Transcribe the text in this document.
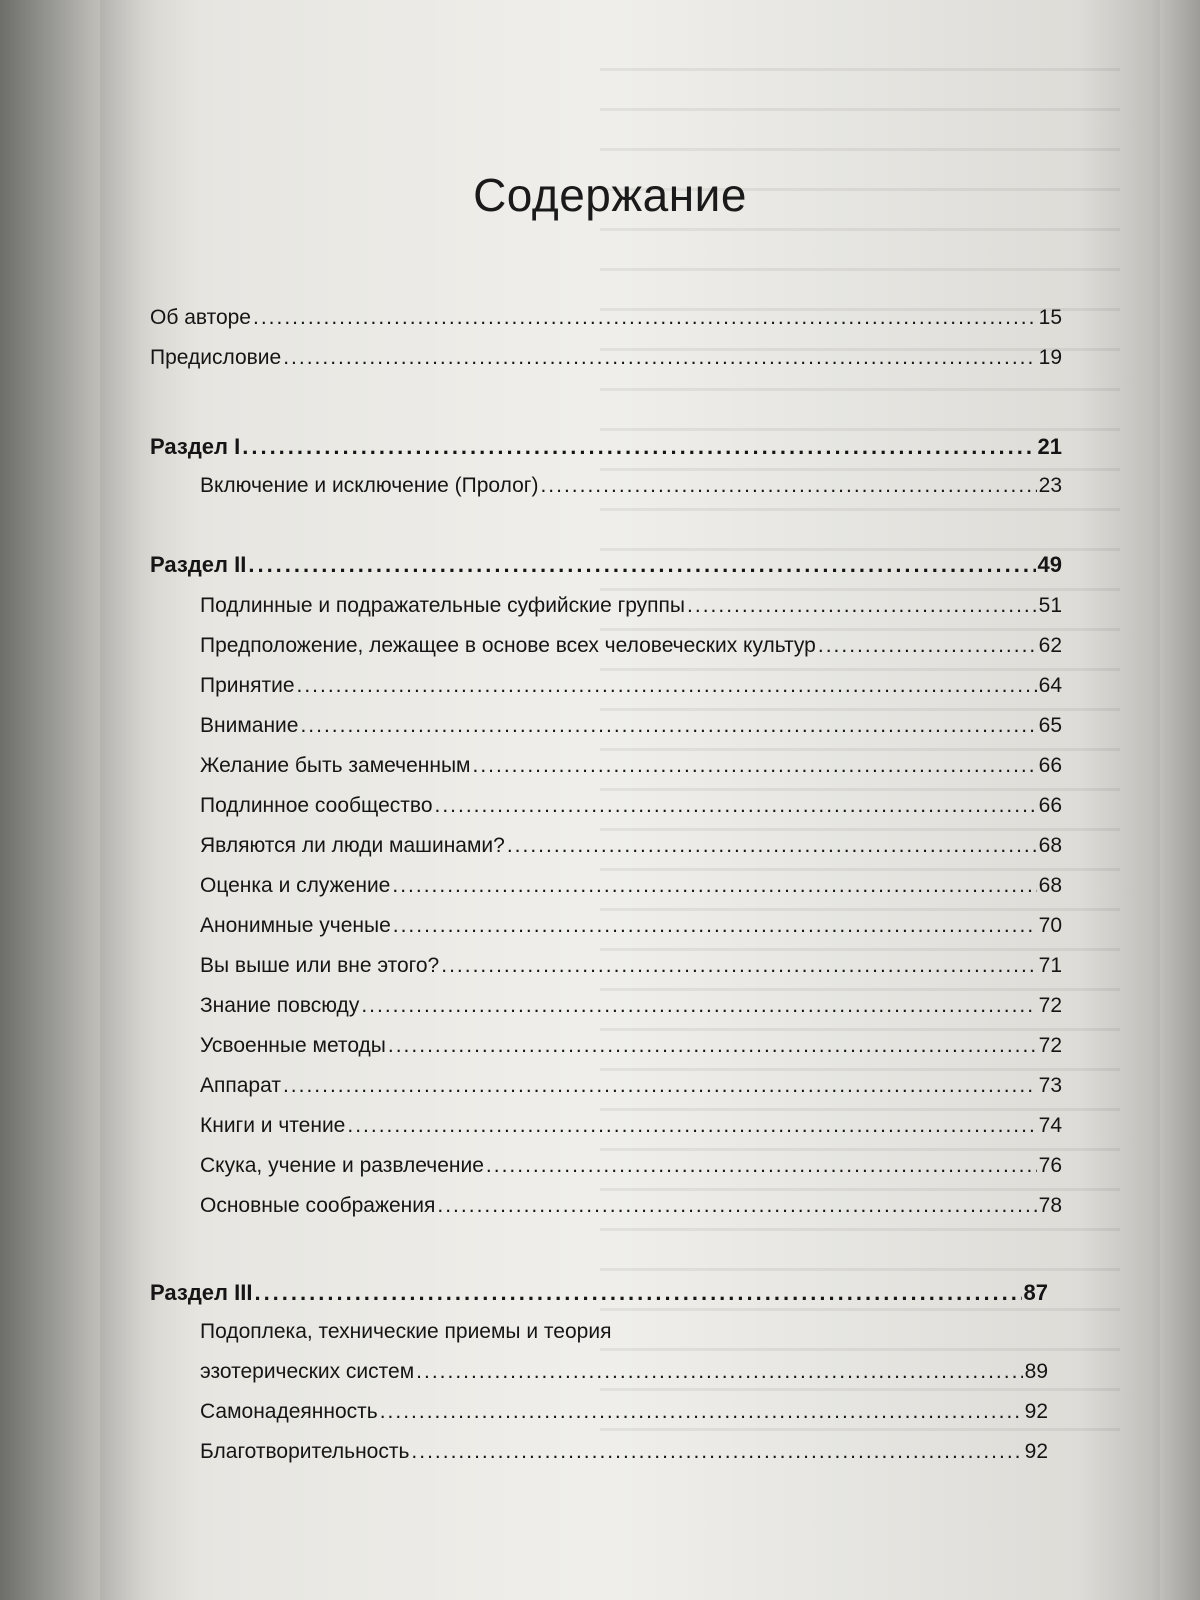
Содержание
Об авторе .....	15
Предисловие .....	19
Раздел I .....	21
Включение и исключение (Пролог) .....	23
Раздел II .....	49
Подлинные и подражательные суфийские группы .....	51
Предположение, лежащее в основе всех человеческих культур .....	62
Принятие .....	64
Внимание .....	65
Желание быть замеченным .....	66
Подлинное сообщество .....	66
Являются ли люди машинами? .....	68
Оценка и служение .....	68
Анонимные ученые .....	70
Вы выше или вне этого? .....	71
Знание повсюду .....	72
Усвоенные методы .....	72
Аппарат .....	73
Книги и чтение .....	74
Скука, учение и развлечение .....	76
Основные соображения .....	78
Раздел III .....	87
Подоплека, технические приемы и теория
эзотерических систем .....	89
Самонадеянность .....	92
Благотворительность .....	92
